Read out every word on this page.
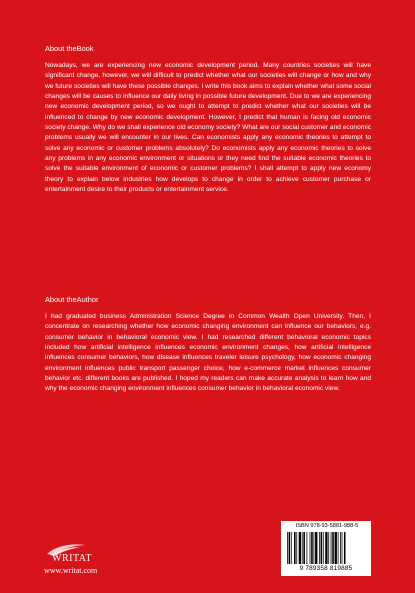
About theBook

Nowadays, we are experiencing new economic development period. Many countries societies will have significant change, however, we will difficult to predict whether what our societies will change or how and why we future societies will have these possible changes. I write this book aims to explain whether what some social changes will be causes to influence our daily living in possible future development. Due to we are experiencing new economic development period, so we ought to attempt to predict whether what our societies will be influenced to change by new economic development. However, I predict that human is facing old economic society change. Why do we shall experience old economy society? What are our social customer and economic problems usually we will encounter in our lives. Can economists apply any economic theories to attempt to solve any economic or customer problems absolutely? Do economists apply any economic theories to solve any problems in any economic environment or situations or they need find the suitable economic theories to solve the suitable environment of economic or customer problems? I shall attempt to apply new economy theory to explain below industries how develops to change in order to achieve customer purchase or entertainment desire to their products or entertainment service.

About theAuthor

I had graduated business Administration Science Degree in Common Wealth Open University. Then, I concentrate on researching whether how economic changing environment can influence our behaviors, e.g. consumer behavior in behavioral economic view. I had researched different behavioral economic topics included how artificial intelligence influences economic environment changes, how artificial intelligence influences consumer behaviors, how disease influences traveler leisure psychology, how economic changing environment influences public transport passenger choice, how e-commerce market influences consumer behavior etc. different books are published. I hoped my readers can make accurate analysis to learn how and why the economic changing environment influences consumer behavior in behavioral economic view.

WRITAT
www.writat.com
ISBN 978-93-5881-988-5
9 789358 819885
